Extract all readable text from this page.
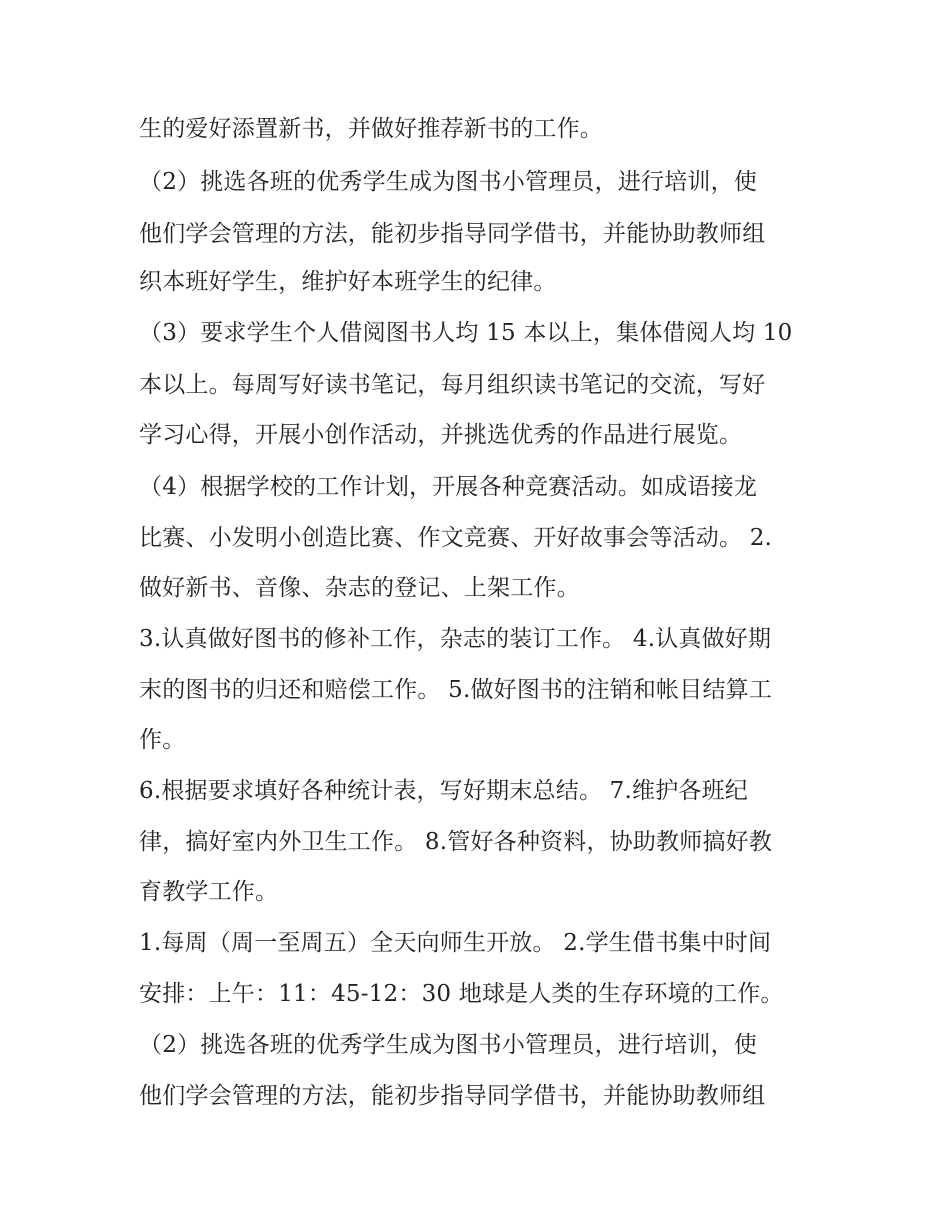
生的爱好添置新书，并做好推荐新书的工作。
（2）挑选各班的优秀学生成为图书小管理员，进行培训，使
他们学会管理的方法，能初步指导同学借书，并能协助教师组
织本班好学生，维护好本班学生的纪律。
（3）要求学生个人借阅图书人均 15 本以上，集体借阅人均 10
本以上。每周写好读书笔记，每月组织读书笔记的交流，写好
学习心得，开展小创作活动，并挑选优秀的作品进行展览。
（4）根据学校的工作计划，开展各种竞赛活动。如成语接龙
比赛、小发明小创造比赛、作文竞赛、开好故事会等活动。 2.
做好新书、音像、杂志的登记、上架工作。
3.认真做好图书的修补工作，杂志的装订工作。 4.认真做好期
末的图书的归还和赔偿工作。 5.做好图书的注销和帐目结算工
作。
6.根据要求填好各种统计表，写好期末总结。 7.维护各班纪
律，搞好室内外卫生工作。 8.管好各种资料，协助教师搞好教
育教学工作。
1.每周（周一至周五）全天向师生开放。 2.学生借书集中时间
安排：上午：11：45-12：30 地球是人类的生存环境的工作。
（2）挑选各班的优秀学生成为图书小管理员，进行培训，使
他们学会管理的方法，能初步指导同学借书，并能协助教师组
